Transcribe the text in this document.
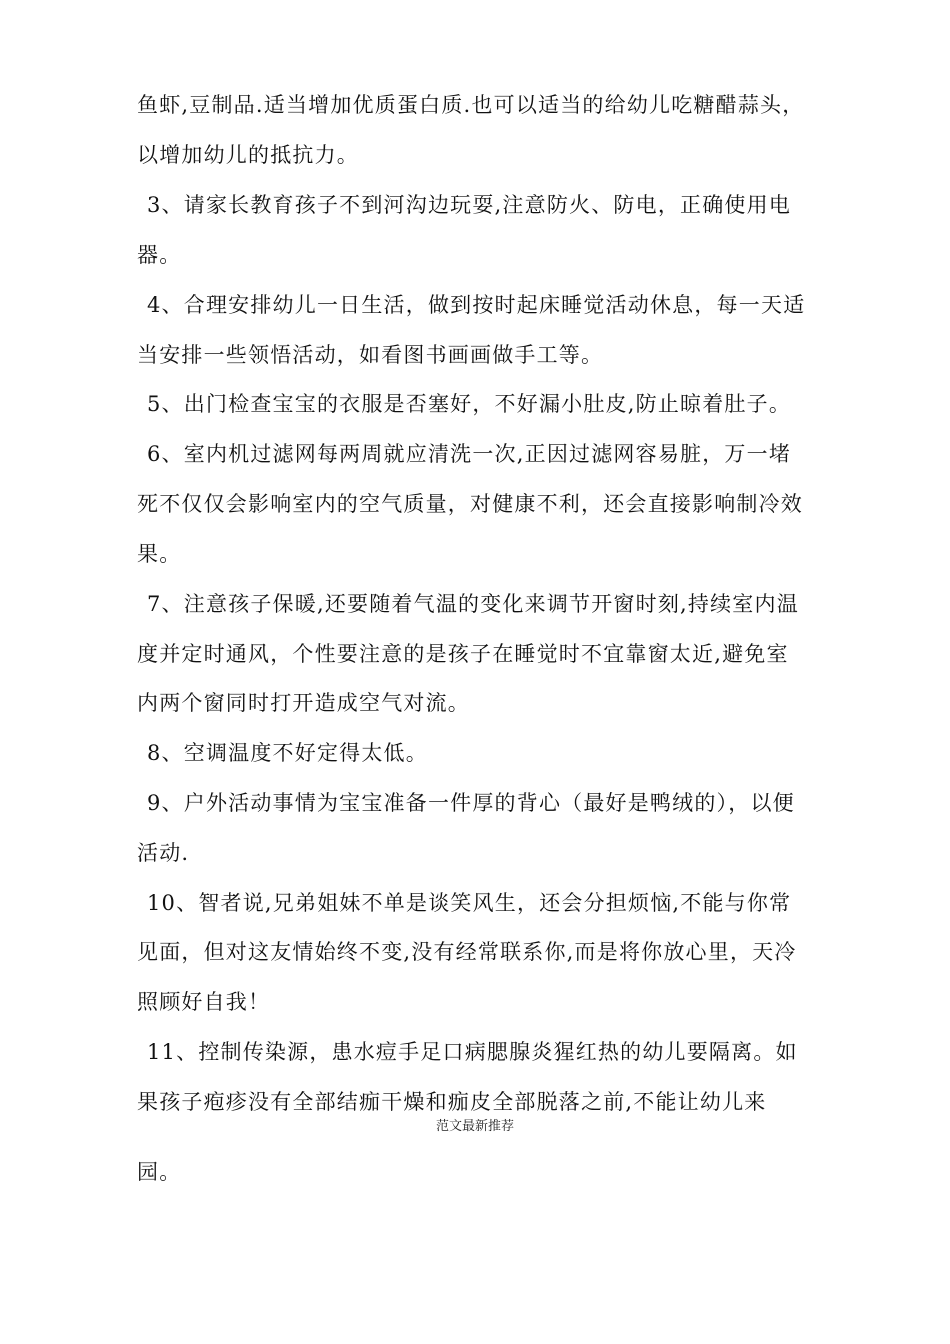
鱼虾,豆制品.适当增加优质蛋白质.也可以适当的给幼儿吃糖醋蒜头，
以增加幼儿的抵抗力。
3、请家长教育孩子不到河沟边玩耍,注意防火、防电，正确使用电
器。
4、合理安排幼儿一日生活，做到按时起床睡觉活动休息，每一天适
当安排一些领悟活动，如看图书画画做手工等。
5、出门检查宝宝的衣服是否塞好，不好漏小肚皮,防止晾着肚子。
6、室内机过滤网每两周就应清洗一次,正因过滤网容易脏，万一堵
死不仅仅会影响室内的空气质量，对健康不利，还会直接影响制冷效
果。
7、注意孩子保暖,还要随着气温的变化来调节开窗时刻,持续室内温
度并定时通风，个性要注意的是孩子在睡觉时不宜靠窗太近,避免室
内两个窗同时打开造成空气对流。
8、空调温度不好定得太低。
9、户外活动事情为宝宝准备一件厚的背心（最好是鸭绒的），以便
活动.
10、智者说,兄弟姐妹不单是谈笑风生，还会分担烦恼,不能与你常
见面，但对这友情始终不变,没有经常联系你,而是将你放心里，天冷
照顾好自我！
11、控制传染源，患水痘手足口病腮腺炎猩红热的幼儿要隔离。如
果孩子疱疹没有全部结痂干燥和痂皮全部脱落之前,不能让幼儿来
范文最新推荐
园。
